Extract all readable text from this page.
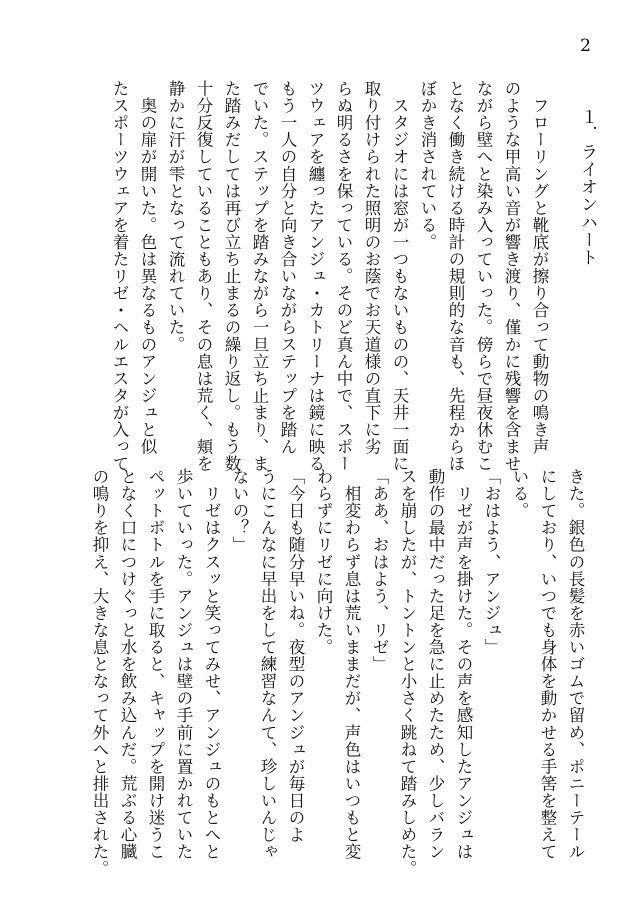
2
１．ライオンハート
　フローリングと靴底が擦り合って動物の鳴き声
のような甲高い音が響き渡り、僅かに残響を含ませ
ながら壁へと染み入っていった。傍らで昼夜休むこ
となく働き続ける時計の規則的な音も、先程からほ
ぼかき消されている。
　スタジオには窓が一つもないものの、天井一面に
取り付けられた照明のお蔭でお天道様の直下に劣
らぬ明るさを保っている。そのど真ん中で、スポー
ツウェアを纏ったアンジュ・カトリーナは鏡に映る
もう一人の自分と向き合いながらステップを踏ん
でいた。ステップを踏みながら一旦立ち止まり、ま
た踏みだしては再び立ち止まるの繰り返し。もう数
十分反復していることもあり、その息は荒く、頬を
静かに汗が雫となって流れていた。
　奥の扉が開いた。色は異なるものアンジュと似
たスポーツウェアを着たリゼ・ヘルエスタが入って
きた。銀色の長髪を赤いゴムで留め、ポニーテール
にしており、いつでも身体を動かせる手筈を整えて
いる。
「おはよう、アンジュ」
　リゼが声を掛けた。その声を感知したアンジュは
動作の最中だった足を急に止めたため、少しバラン
スを崩したが、トントンと小さく跳ねて踏みしめた。
「ああ、おはよう、リゼ」
　相変わらず息は荒いままだが、声色はいつもと変
わらずにリゼに向けた。
「今日も随分早いね。夜型のアンジュが毎日のよ
うにこんなに早出をして練習なんて、珍しいんじゃ
ないの？」
　リゼはクスッと笑ってみせ、アンジュのもとへと
歩いていった。アンジュは壁の手前に置かれていた
ペットボトルを手に取ると、キャップを開け迷うこ
となく口につけぐっと水を飲み込んだ。荒ぶる心臓
の鳴りを抑え、大きな息となって外へと排出された。
